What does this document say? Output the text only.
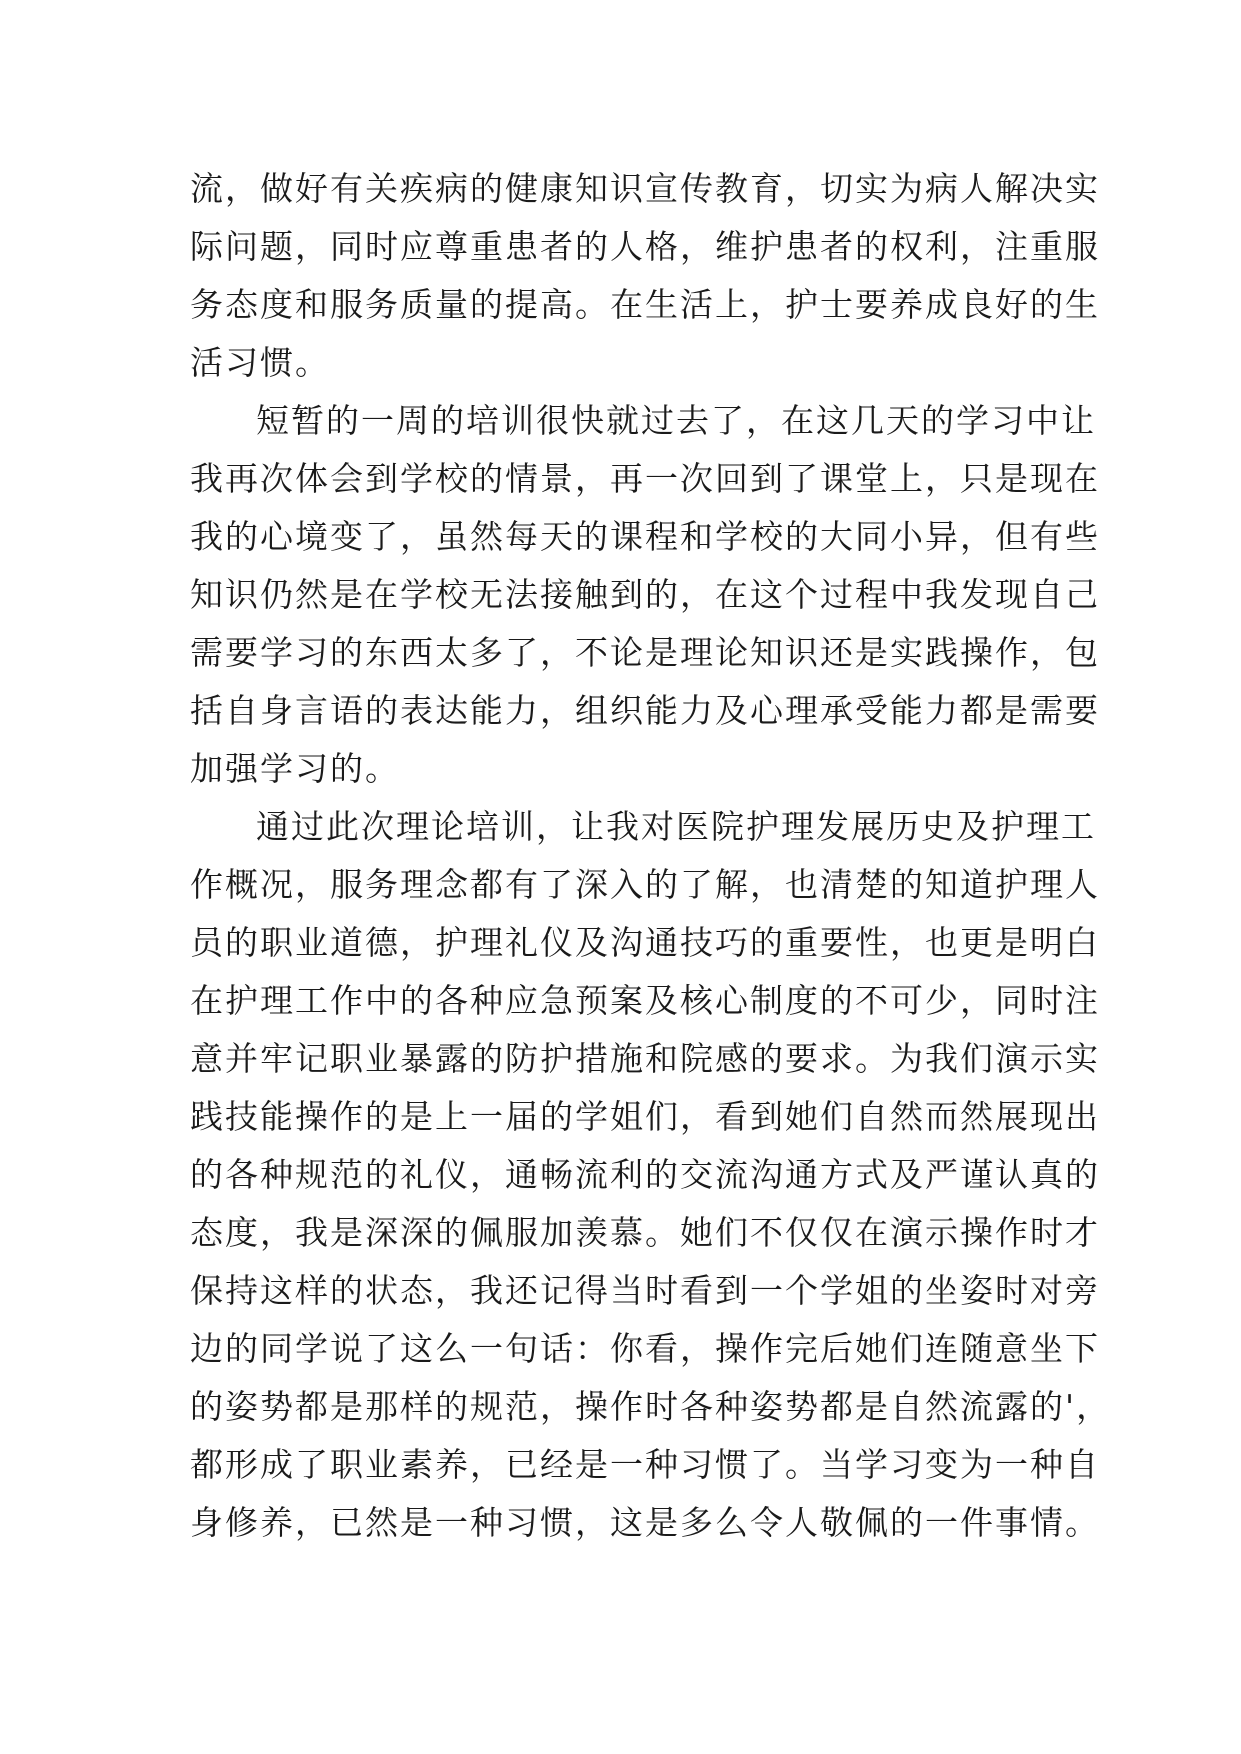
流，做好有关疾病的健康知识宣传教育，切实为病人解决实
际问题，同时应尊重患者的人格，维护患者的权利，注重服
务态度和服务质量的提高。在生活上，护士要养成良好的生
活习惯。
短暂的一周的培训很快就过去了，在这几天的学习中让
我再次体会到学校的情景，再一次回到了课堂上，只是现在
我的心境变了，虽然每天的课程和学校的大同小异，但有些
知识仍然是在学校无法接触到的，在这个过程中我发现自己
需要学习的东西太多了，不论是理论知识还是实践操作，包
括自身言语的表达能力，组织能力及心理承受能力都是需要
加强学习的。
通过此次理论培训，让我对医院护理发展历史及护理工
作概况，服务理念都有了深入的了解，也清楚的知道护理人
员的职业道德，护理礼仪及沟通技巧的重要性，也更是明白
在护理工作中的各种应急预案及核心制度的不可少，同时注
意并牢记职业暴露的防护措施和院感的要求。为我们演示实
践技能操作的是上一届的学姐们，看到她们自然而然展现出
的各种规范的礼仪，通畅流利的交流沟通方式及严谨认真的
态度，我是深深的佩服加羡慕。她们不仅仅在演示操作时才
保持这样的状态，我还记得当时看到一个学姐的坐姿时对旁
边的同学说了这么一句话：你看，操作完后她们连随意坐下
的姿势都是那样的规范，操作时各种姿势都是自然流露的'，
都形成了职业素养，已经是一种习惯了。当学习变为一种自
身修养，已然是一种习惯，这是多么令人敬佩的一件事情。
